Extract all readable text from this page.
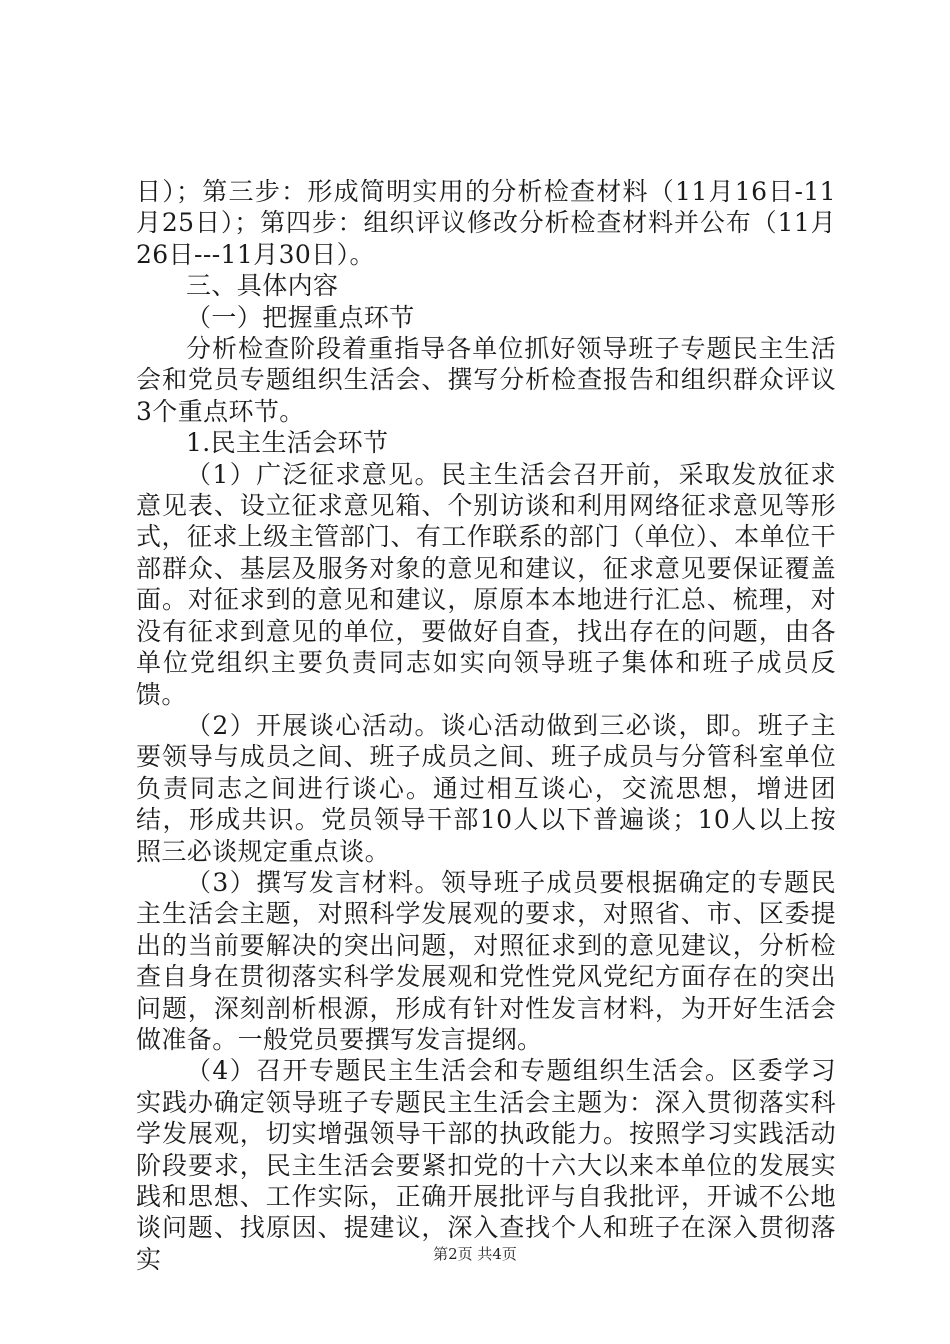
日）；第三步：形成简明实用的分析检查材料（11月16日-11月25日）；第四步：组织评议修改分析检查材料并公布（11月26日---11月30日）。

三、具体内容

（一）把握重点环节

分析检查阶段着重指导各单位抓好领导班子专题民主生活会和党员专题组织生活会、撰写分析检查报告和组织群众评议3个重点环节。

1.民主生活会环节

（1）广泛征求意见。民主生活会召开前，采取发放征求意见表、设立征求意见箱、个别访谈和利用网络征求意见等形式，征求上级主管部门、有工作联系的部门（单位）、本单位干部群众、基层及服务对象的意见和建议，征求意见要保证覆盖面。对征求到的意见和建议，原原本本地进行汇总、梳理，对没有征求到意见的单位，要做好自查，找出存在的问题，由各单位党组织主要负责同志如实向领导班子集体和班子成员反馈。

（2）开展谈心活动。谈心活动做到三必谈，即。班子主要领导与成员之间、班子成员之间、班子成员与分管科室单位负责同志之间进行谈心。通过相互谈心，交流思想，增进团结，形成共识。党员领导干部10人以下普遍谈；10人以上按照三必谈规定重点谈。

（3）撰写发言材料。领导班子成员要根据确定的专题民主生活会主题，对照科学发展观的要求，对照省、市、区委提出的当前要解决的突出问题，对照征求到的意见建议，分析检查自身在贯彻落实科学发展观和党性党风党纪方面存在的突出问题，深刻剖析根源，形成有针对性发言材料，为开好生活会做准备。一般党员要撰写发言提纲。

（4）召开专题民主生活会和专题组织生活会。区委学习实践办确定领导班子专题民主生活会主题为：深入贯彻落实科学发展观，切实增强领导干部的执政能力。按照学习实践活动阶段要求，民主生活会要紧扣党的十六大以来本单位的发展实践和思想、工作实际，正确开展批评与自我批评，开诚不公地谈问题、找原因、提建议，深入查找个人和班子在深入贯彻落实	第2页 共4页
